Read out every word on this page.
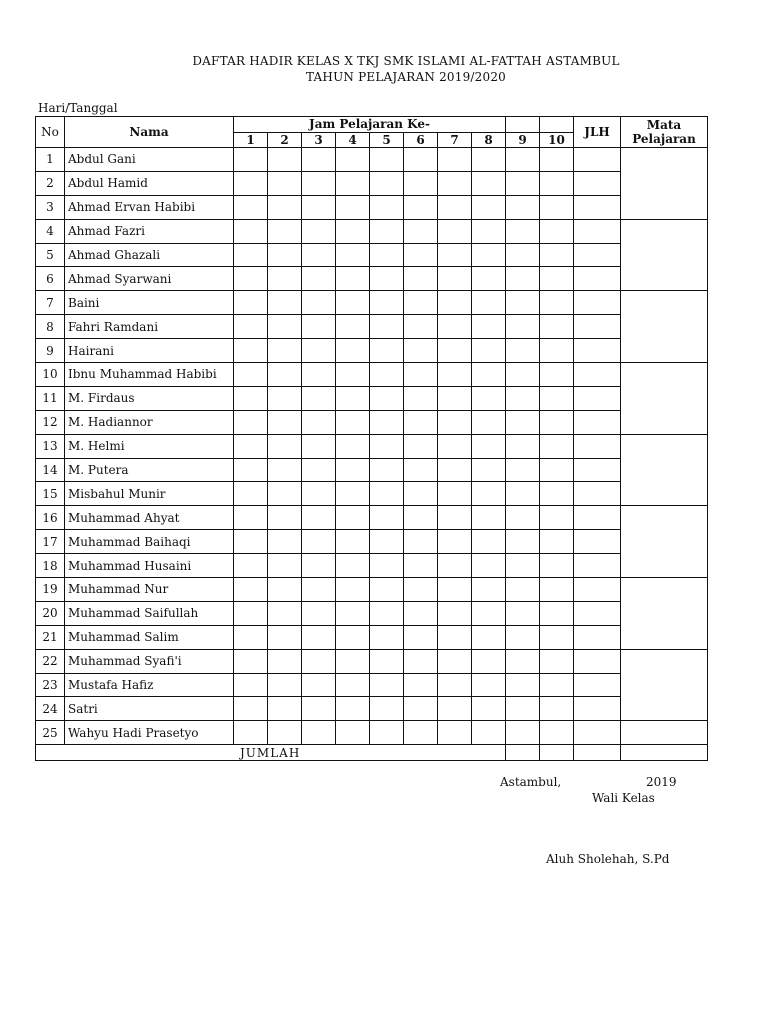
DAFTAR HADIR KELAS X TKJ SMK ISLAMI AL-FATTAH ASTAMBUL
TAHUN PELAJARAN 2019/2020
Hari/Tanggal
No	Nama	Jam Pelajaran Ke-										JLH	Mata Pelajaran
		1	2	3	4	5	6	7	8	9	10		
1	Abdul Gani												
2	Abdul Hamid												
3	Ahmad Ervan Habibi												
4	Ahmad Fazri												
5	Ahmad Ghazali												
6	Ahmad Syarwani												
7	Baini												
8	Fahri Ramdani												
9	Hairani												
10	Ibnu Muhammad Habibi												
11	M. Firdaus												
12	M. Hadiannor												
13	M. Helmi												
14	M. Putera												
15	Misbahul Munir												
16	Muhammad Ahyat												
17	Muhammad Baihaqi												
18	Muhammad Husaini												
19	Muhammad Nur												
20	Muhammad Saifullah												
21	Muhammad Salim												
22	Muhammad Syafi'i												
23	Mustafa Hafiz												
24	Satri												
25	Wahyu Hadi Prasetyo												
JUMLAH													
Astambul,	2019
Wali Kelas
Aluh Sholehah, S.Pd
